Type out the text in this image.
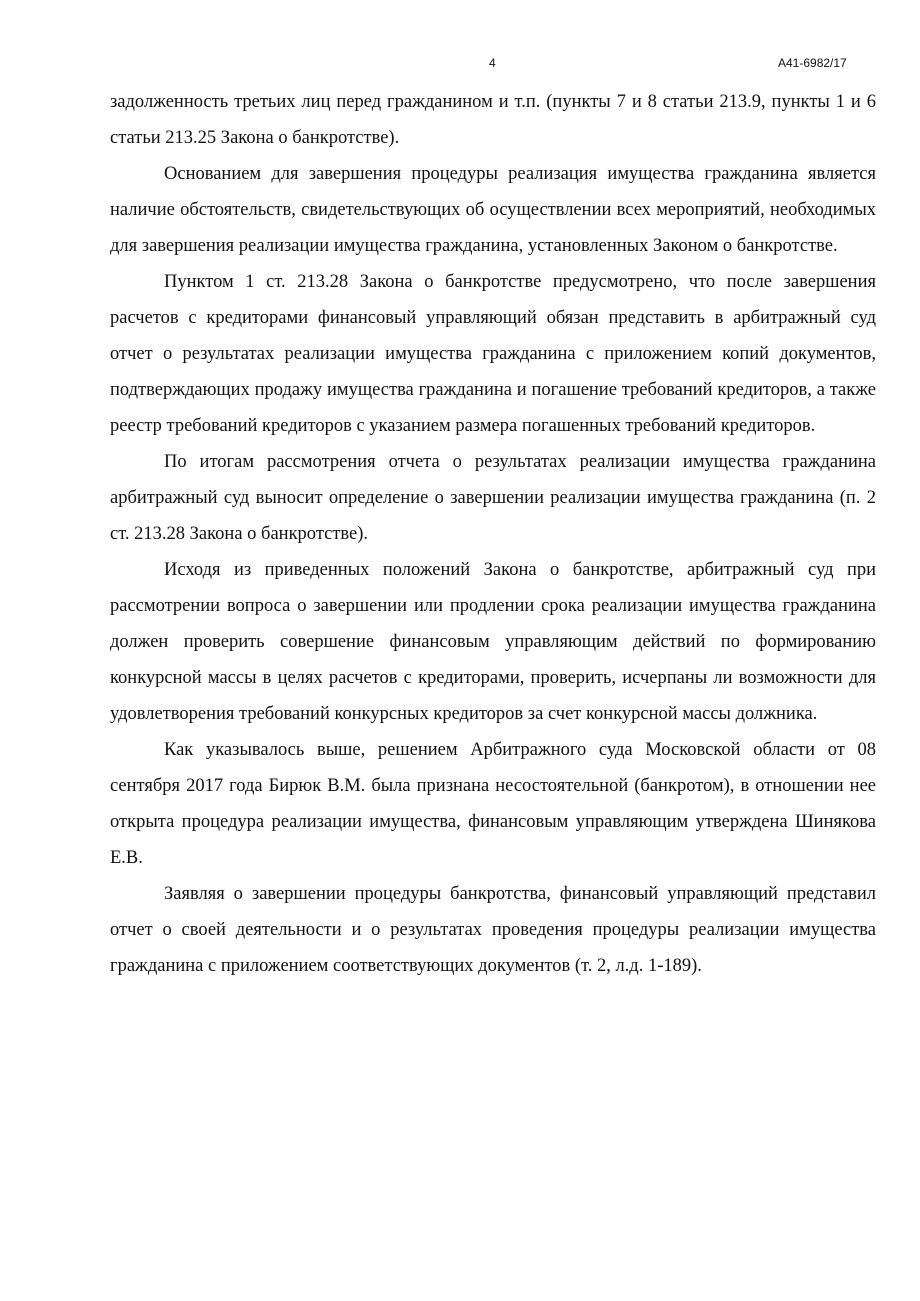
4	А41-6982/17

задолженность третьих лиц перед гражданином и т.п. (пункты 7 и 8 статьи 213.9, пункты 1 и 6 статьи 213.25 Закона о банкротстве).

Основанием для завершения процедуры реализация имущества гражданина является наличие обстоятельств, свидетельствующих об осуществлении всех мероприятий, необходимых для завершения реализации имущества гражданина, установленных Законом о банкротстве.

Пунктом 1 ст. 213.28 Закона о банкротстве предусмотрено, что после завершения расчетов с кредиторами финансовый управляющий обязан представить в арбитражный суд отчет о результатах реализации имущества гражданина с приложением копий документов, подтверждающих продажу имущества гражданина и погашение требований кредиторов, а также реестр требований кредиторов с указанием размера погашенных требований кредиторов.

По итогам рассмотрения отчета о результатах реализации имущества гражданина арбитражный суд выносит определение о завершении реализации имущества гражданина (п. 2 ст. 213.28 Закона о банкротстве).

Исходя из приведенных положений Закона о банкротстве, арбитражный суд при рассмотрении вопроса о завершении или продлении срока реализации имущества гражданина должен проверить совершение финансовым управляющим действий по формированию конкурсной массы в целях расчетов с кредиторами, проверить, исчерпаны ли возможности для удовлетворения требований конкурсных кредиторов за счет конкурсной массы должника.

Как указывалось выше, решением Арбитражного суда Московской области от 08 сентября 2017 года Бирюк В.М. была признана несостоятельной (банкротом), в отношении нее открыта процедура реализации имущества, финансовым управляющим утверждена Шинякова Е.В.

Заявляя о завершении процедуры банкротства, финансовый управляющий представил отчет о своей деятельности и о результатах проведения процедуры реализации имущества гражданина с приложением соответствующих документов (т. 2, л.д. 1-189).
